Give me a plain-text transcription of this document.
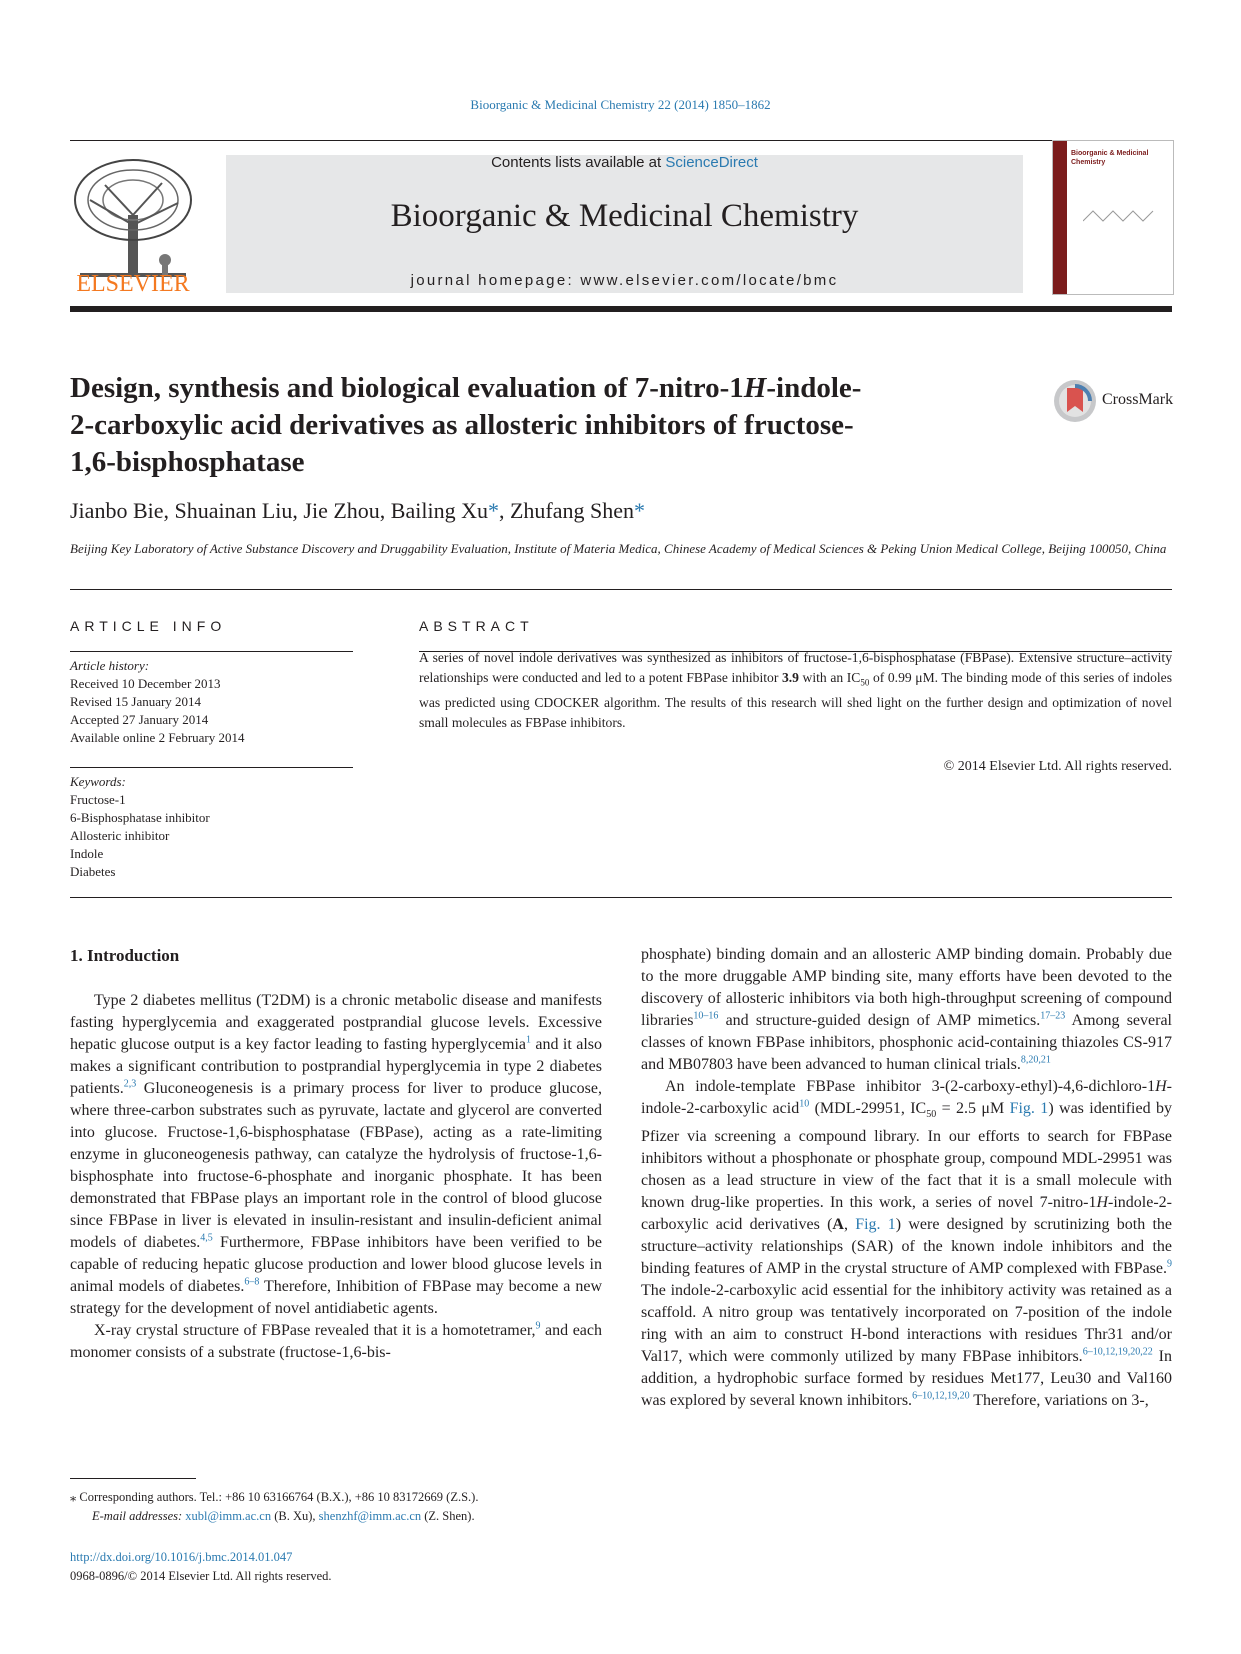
Bioorganic & Medicinal Chemistry 22 (2014) 1850–1862
ELSEVIER
Contents lists available at ScienceDirect
Bioorganic & Medicinal Chemistry
journal homepage: www.elsevier.com/locate/bmc
Bioorganic & Medicinal
Chemistry
Design, synthesis and biological evaluation of 7-nitro-1H-indole-
2-carboxylic acid derivatives as allosteric inhibitors of fructose-
1,6-bisphosphatase
CrossMark
Jianbo Bie, Shuainan Liu, Jie Zhou, Bailing Xu*, Zhufang Shen*
Beijing Key Laboratory of Active Substance Discovery and Druggability Evaluation, Institute of Materia Medica, Chinese Academy of Medical Sciences & Peking Union Medical College, Beijing 100050, China
ARTICLE INFO
Article history:
Received 10 December 2013
Revised 15 January 2014
Accepted 27 January 2014
Available online 2 February 2014
Keywords:
Fructose-1
6-Bisphosphatase inhibitor
Allosteric inhibitor
Indole
Diabetes
ABSTRACT
A series of novel indole derivatives was synthesized as inhibitors of fructose-1,6-bisphosphatase (FBPase). Extensive structure–activity relationships were conducted and led to a potent FBPase inhibitor 3.9 with an $IC_{50}$ of 0.99 μM. The binding mode of this series of indoles was predicted using CDOCKER algorithm. The results of this research will shed light on the further design and optimization of novel small molecules as FBPase inhibitors.
© 2014 Elsevier Ltd. All rights reserved.
1. Introduction

Type 2 diabetes mellitus (T2DM) is a chronic metabolic disease and manifests fasting hyperglycemia and exaggerated postprandial glucose levels. Excessive hepatic glucose output is a key factor leading to fasting hyperglycemia$^1$ and it also makes a significant contribution to postprandial hyperglycemia in type 2 diabetes patients.$^{2,3}$ Gluconeogenesis is a primary process for liver to produce glucose, where three-carbon substrates such as pyruvate, lactate and glycerol are converted into glucose. Fructose-1,6-bisphosphatase (FBPase), acting as a rate-limiting enzyme in gluconeogenesis pathway, can catalyze the hydrolysis of fructose-1,6-bisphosphate into fructose-6-phosphate and inorganic phosphate. It has been demonstrated that FBPase plays an important role in the control of blood glucose since FBPase in liver is elevated in insulin-resistant and insulin-deficient animal models of diabetes.$^{4,5}$ Furthermore, FBPase inhibitors have been verified to be capable of reducing hepatic glucose production and lower blood glucose levels in animal models of diabetes.$^{6-8}$ Therefore, Inhibition of FBPase may become a new strategy for the development of novel antidiabetic agents.

X-ray crystal structure of FBPase revealed that it is a homotetramer,$^9$ and each monomer consists of a substrate (fructose-1,6-bis-

phosphate) binding domain and an allosteric AMP binding domain. Probably due to the more druggable AMP binding site, many efforts have been devoted to the discovery of allosteric inhibitors via both high-throughput screening of compound libraries$^{10-16}$ and structure-guided design of AMP mimetics.$^{17-23}$ Among several classes of known FBPase inhibitors, phosphonic acid-containing thiazoles CS-917 and MB07803 have been advanced to human clinical trials.$^{8,20,21}$

An indole-template FBPase inhibitor 3-(2-carboxy-ethyl)-4,6-dichloro-1H-indole-2-carboxylic acid$^{10}$ (MDL-29951, $IC_{50} = 2.5$ μM Fig. 1) was identified by Pfizer via screening a compound library. In our efforts to search for FBPase inhibitors without a phosphonate or phosphate group, compound MDL-29951 was chosen as a lead structure in view of the fact that it is a small molecule with known drug-like properties. In this work, a series of novel 7-nitro-1H-indole-2-carboxylic acid derivatives (A, Fig. 1) were designed by scrutinizing both the structure–activity relationships (SAR) of the known indole inhibitors and the binding features of AMP in the crystal structure of AMP complexed with FBPase.$^9$ The indole-2-carboxylic acid essential for the inhibitory activity was retained as a scaffold. A nitro group was tentatively incorporated on 7-position of the indole ring with an aim to construct H-bond interactions with residues Thr31 and/or Val17, which were commonly utilized by many FBPase inhibitors.$^{6-10,12,19,20,22}$ In addition, a hydrophobic surface formed by residues Met177, Leu30 and Val160 was explored by several known inhibitors.$^{6-10,12,19,20}$ Therefore, variations on 3-,

⁎ Corresponding authors. Tel.: +86 10 63166764 (B.X.), +86 10 83172669 (Z.S.).
E-mail addresses: xubl@imm.ac.cn (B. Xu), shenzhf@imm.ac.cn (Z. Shen).
http://dx.doi.org/10.1016/j.bmc.2014.01.047
0968-0896/© 2014 Elsevier Ltd. All rights reserved.
